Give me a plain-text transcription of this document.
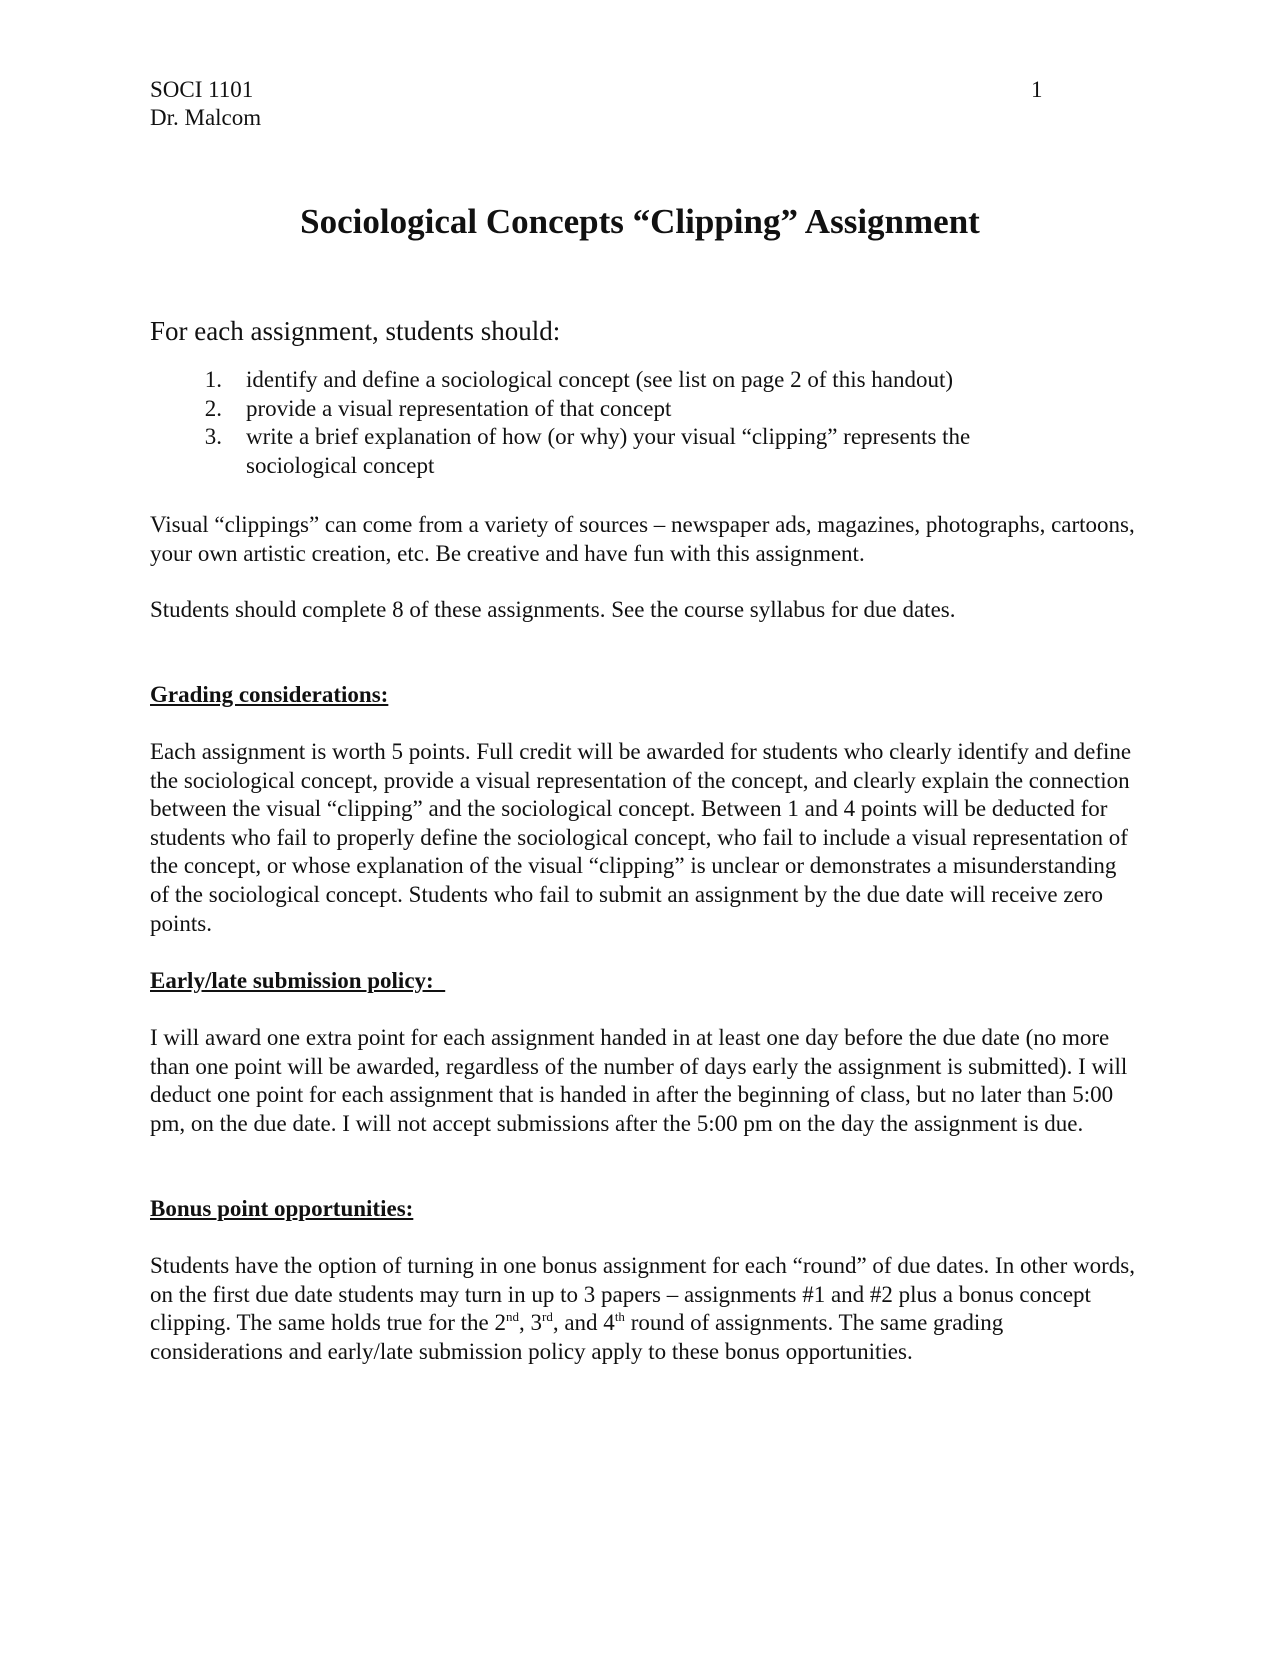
SOCI 1101
Dr. Malcom
1
Sociological Concepts “Clipping” Assignment
For each assignment, students should:
1 .	identify and define a sociological concept (see list on page 2 of this handout)
2 .	provide a visual representation of that concept
3 .	write a brief explanation of how (or why) your visual “clipping” represents the sociological concept
Visual “clippings” can come from a variety of sources – newspaper ads, magazines, photographs, cartoons, your own artistic creation, etc. Be creative and have fun with this assignment.
Students should complete 8 of these assignments. See the course syllabus for due dates.
Grading considerations:
Each assignment is worth 5 points. Full credit will be awarded for students who clearly identify and define the sociological concept, provide a visual representation of the concept, and clearly explain the connection between the visual “clipping” and the sociological concept. Between 1 and 4 points will be deducted for students who fail to properly define the sociological concept, who fail to include a visual representation of the concept, or whose explanation of the visual “clipping” is unclear or demonstrates a misunderstanding of the sociological concept. Students who fail to submit an assignment by the due date will receive zero points.
Early/late submission policy:
I will award one extra point for each assignment handed in at least one day before the due date (no more than one point will be awarded, regardless of the number of days early the assignment is submitted). I will deduct one point for each assignment that is handed in after the beginning of class, but no later than 5:00 pm, on the due date. I will not accept submissions after the 5:00 pm on the day the assignment is due.
Bonus point opportunities:
Students have the option of turning in one bonus assignment for each “round” of due dates. In other words, on the first due date students may turn in up to 3 papers – assignments #1 and #2 plus a bonus concept clipping. The same holds true for the 2nd, 3rd, and 4th round of assignments. The same grading considerations and early/late submission policy apply to these bonus opportunities.
